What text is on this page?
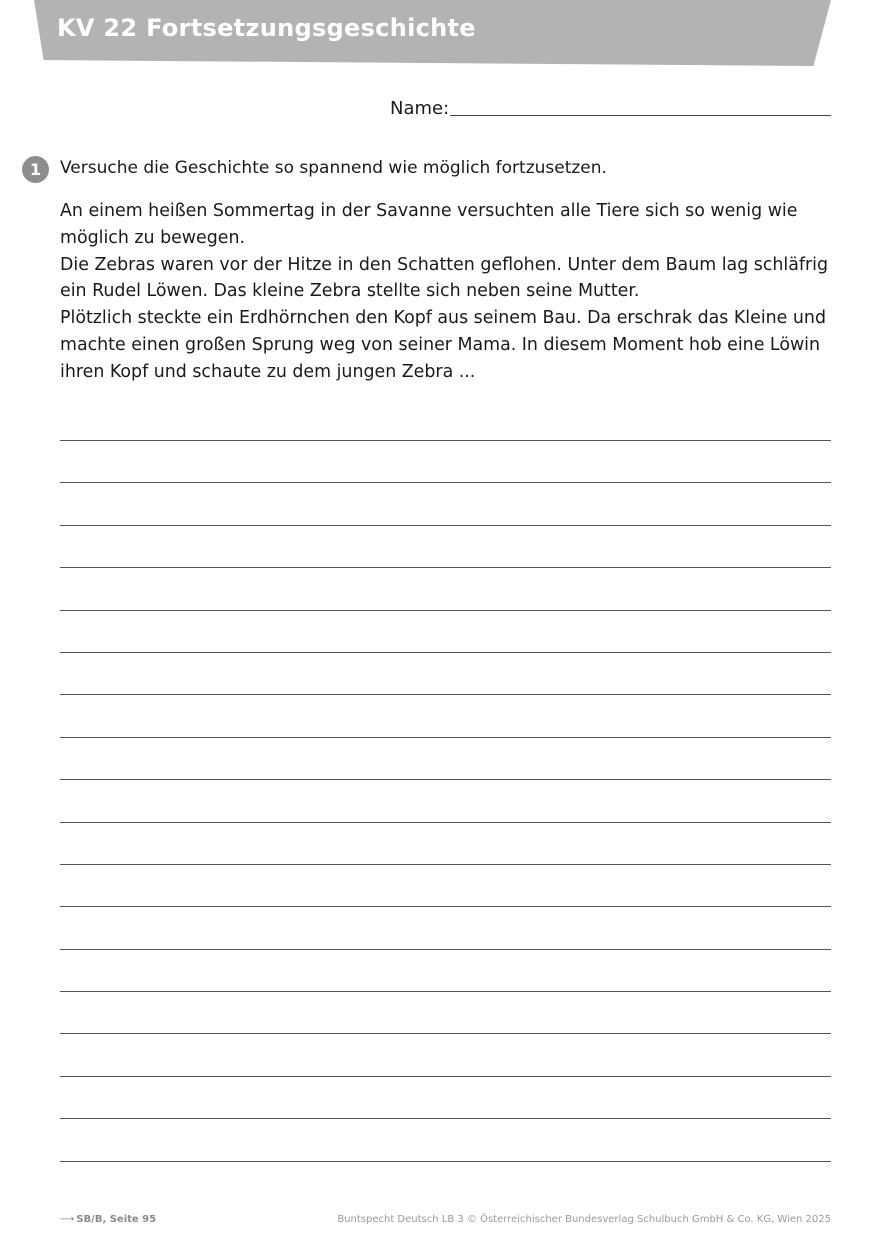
KV 22 Fortsetzungsgeschichte
Name:
1	Versuche die Geschichte so spannend wie möglich fortzusetzen.
An einem heißen Sommertag in der Savanne versuchten alle Tiere sich so wenig wie
möglich zu bewegen.
Die Zebras waren vor der Hitze in den Schatten geflohen. Unter dem Baum lag schläfrig
ein Rudel Löwen. Das kleine Zebra stellte sich neben seine Mutter.
Plötzlich steckte ein Erdhörnchen den Kopf aus seinem Bau. Da erschrak das Kleine und
machte einen großen Sprung weg von seiner Mama. In diesem Moment hob eine Löwin
ihren Kopf und schaute zu dem jungen Zebra ...
⟶ SB/B, Seite 95	Buntspecht Deutsch LB 3 © Österreichischer Bundesverlag Schulbuch GmbH & Co. KG, Wien 2025
